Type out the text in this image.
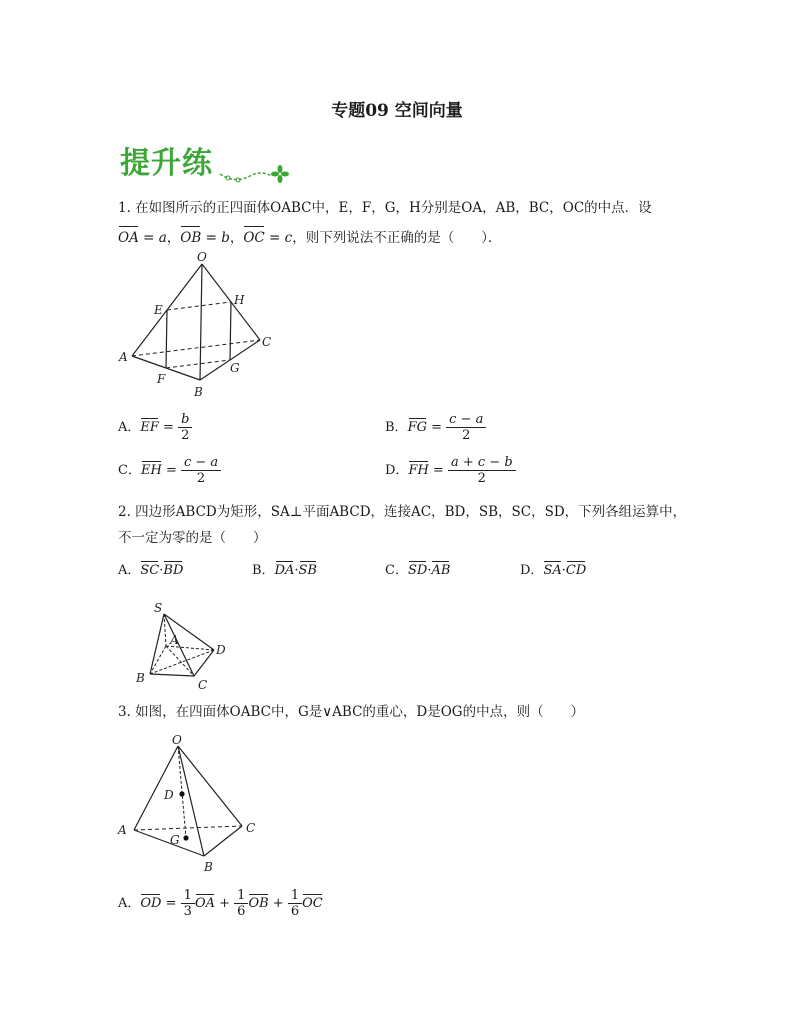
专题09 空间向量
提升练
1. 在如图所示的正四面体OABC中，E，F，G，H分别是OA，AB，BC，OC的中点．设
OA = a，OB = b，OC = c，则下列说法不正确的是（　　）．
O
A
B
C
E
F
G
H
A．EF = $\frac{b}{2}$	B．FG = $\frac{c - a}{2}$
C．EH = $\frac{c - a}{2}$	D．FH = $\frac{a + c - b}{2}$
2. 四边形ABCD为矩形，SA⊥平面ABCD，连接AC，BD，SB，SC，SD，下列各组运算中，
不一定为零的是（　　）
A．SC·BD	B．DA·SB	C．SD·AB	D．SA·CD
S
A
B	C
D
3. 如图，在四面体OABC中，G是∨ABC的重心，D是OG的中点，则（　　）
O
A
B
C
D
G
A．OD = $\frac{1}{3}$ OA + $\frac{1}{6}$ OB + $\frac{1}{6}$ OC
